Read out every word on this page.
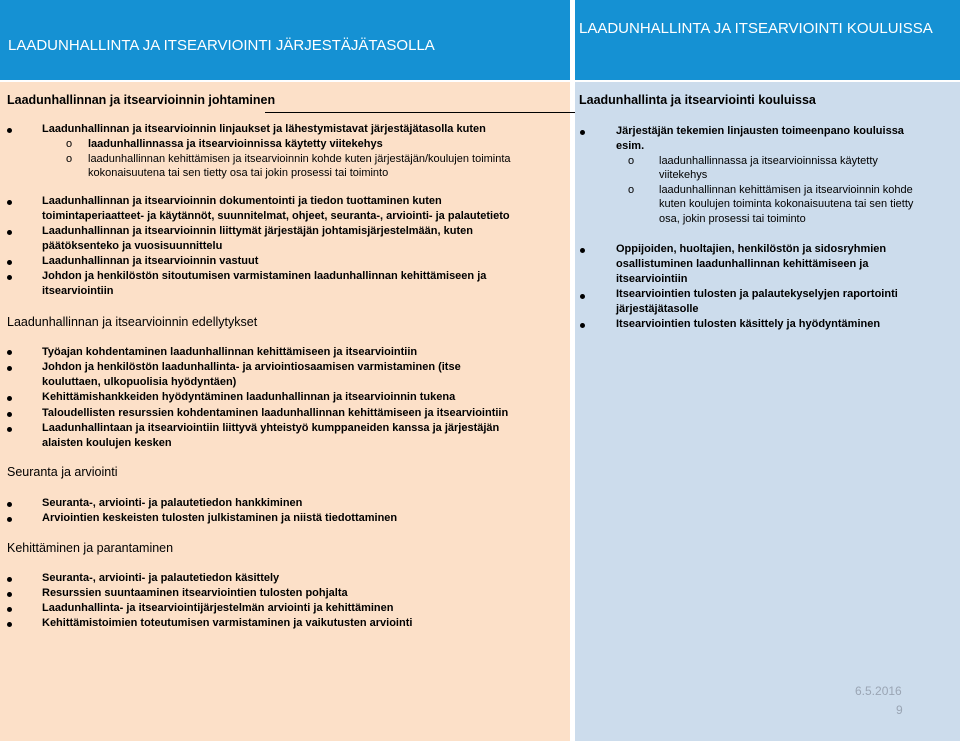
LAADUNHALLINTA JA ITSEARVIOINTI JÄRJESTÄJÄTASOLLA
LAADUNHALLINTA JA ITSEARVIOINTI KOULUISSA
Laadunhallinnan ja itsearvioinnin johtaminen
Laadunhallinnan ja itsearvioinnin linjaukset ja lähestymistavat järjestäjätasolla kuten
o laadunhallinnassa ja itsearvioinnissa käytetty viitekehys
o laadunhallinnan kehittämisen ja itsearvioinnin kohde kuten järjestäjän/koulujen toiminta
kokonaisuutena tai sen tietty osa tai jokin prosessi tai toiminto
Laadunhallinnan ja itsearvioinnin dokumentointi ja tiedon tuottaminen kuten
toimintaperiaatteet- ja käytännöt, suunnitelmat, ohjeet, seuranta-, arviointi- ja palautetieto
Laadunhallinnan ja itsearvioinnin liittymät järjestäjän johtamisjärjestelmään, kuten
päätöksenteko ja vuosisuunnittelu
Laadunhallinnan ja itsearvioinnin vastuut
Johdon ja henkilöstön sitoutumisen varmistaminen laadunhallinnan kehittämiseen ja
itsearviointiin
Laadunhallinnan ja itsearvioinnin edellytykset
Työajan kohdentaminen laadunhallinnan kehittämiseen ja itsearviointiin
Johdon ja henkilöstön laadunhallinta- ja arviointiosaamisen varmistaminen (itse
kouluttaen, ulkopuolisia hyödyntäen)
Kehittämishankkeiden hyödyntäminen laadunhallinnan ja itsearvioinnin tukena
Taloudellisten resurssien kohdentaminen laadunhallinnan kehittämiseen ja itsearviointiin
Laadunhallintaan ja itsearviointiin liittyvä yhteistyö kumppaneiden kanssa ja järjestäjän
alaisten koulujen kesken
Seuranta ja arviointi
Seuranta-, arviointi- ja palautetiedon hankkiminen
Arviointien keskeisten tulosten julkistaminen ja niistä tiedottaminen
Kehittäminen ja parantaminen
Seuranta-, arviointi- ja palautetiedon käsittely
Resurssien suuntaaminen itsearviointien tulosten pohjalta
Laadunhallinta- ja itsearviointijärjestelmän arviointi ja kehittäminen
Kehittämistoimien toteutumisen varmistaminen ja vaikutusten arviointi
Laadunhallinta ja itsearviointi kouluissa
Järjestäjän tekemien linjausten toimeenpano kouluissa
esim.
o laadunhallinnassa ja itsearvioinnissa käytetty
viitekehys
o laadunhallinnan kehittämisen ja itsearvioinnin kohde
kuten koulujen toiminta kokonaisuutena tai sen tietty
osa, jokin prosessi tai toiminto
Oppijoiden, huoltajien, henkilöstön ja sidosryhmien
osallistuminen laadunhallinnan kehittämiseen ja
itsearviointiin
Itsearviointien tulosten ja palautekyselyjen raportointi
järjestäjätasolle
Itsearviointien tulosten käsittely ja hyödyntäminen
6.5.2016
9
